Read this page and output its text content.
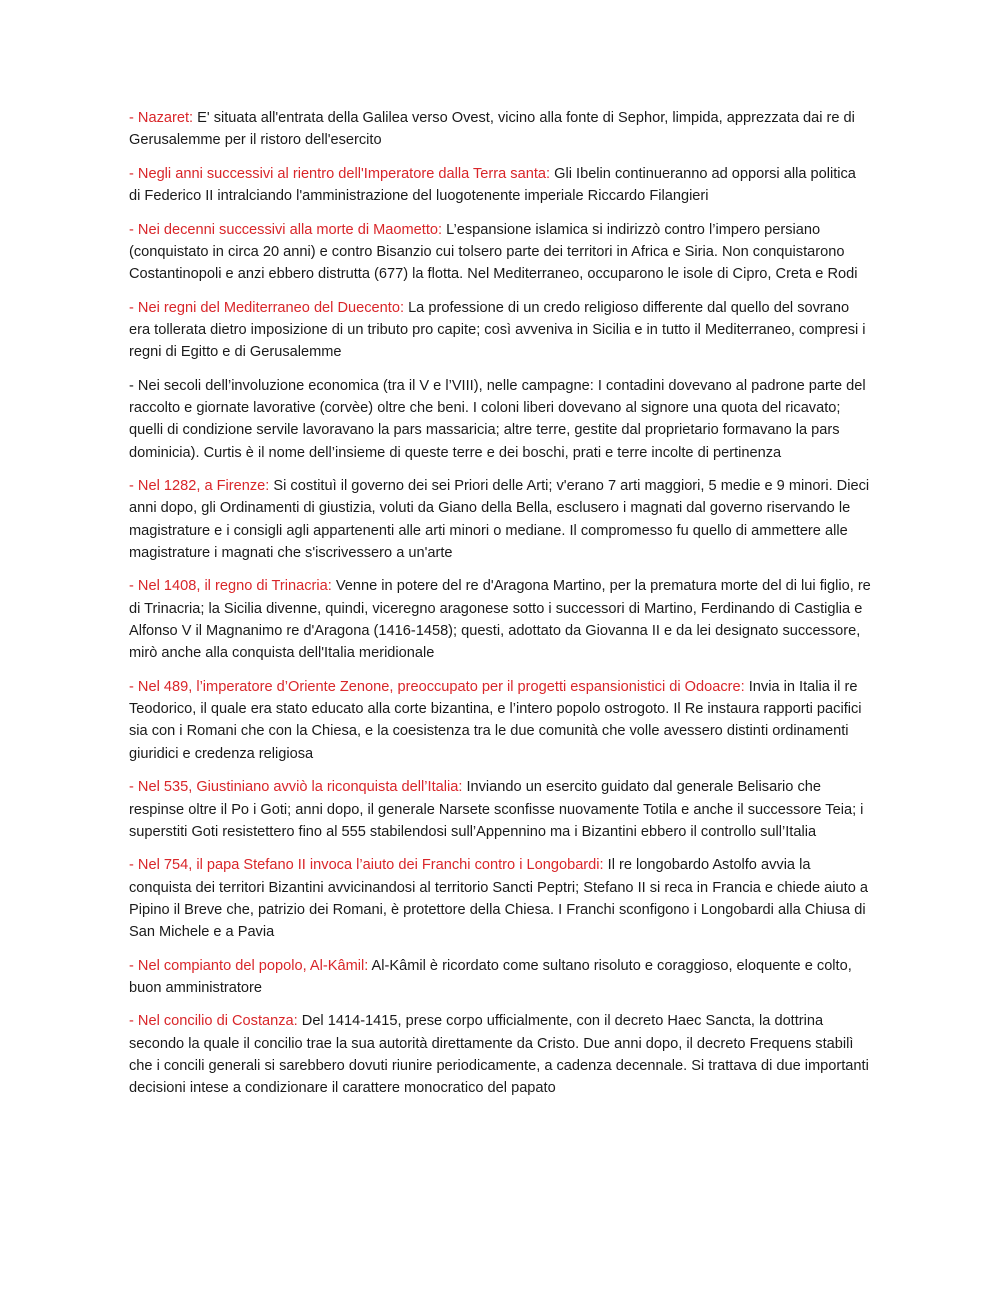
- Nazaret: E' situata all'entrata della Galilea verso Ovest, vicino alla fonte di Sephor, limpida, apprezzata dai re di Gerusalemme per il ristoro dell'esercito

- Negli anni successivi al rientro dell'Imperatore dalla Terra santa: Gli Ibelin continueranno ad opporsi alla politica di Federico II intralciando l'amministrazione del luogotenente imperiale Riccardo Filangieri

- Nei decenni successivi alla morte di Maometto: L’espansione islamica si indirizzò contro l’impero persiano (conquistato in circa 20 anni) e contro Bisanzio cui tolsero parte dei territori in Africa e Siria. Non conquistarono Costantinopoli e anzi ebbero distrutta (677) la flotta. Nel Mediterraneo, occuparono le isole di Cipro, Creta e Rodi

- Nei regni del Mediterraneo del Duecento: La professione di un credo religioso differente dal quello del sovrano era tollerata dietro imposizione di un tributo pro capite; così avveniva in Sicilia e in tutto il Mediterraneo, compresi i regni di Egitto e di Gerusalemme

- Nei secoli dell’involuzione economica (tra il V e l’VIII), nelle campagne: I contadini dovevano al padrone parte del raccolto e giornate lavorative (corvèe) oltre che beni. I coloni liberi dovevano al signore una quota del ricavato; quelli di condizione servile lavoravano la pars massaricia; altre terre, gestite dal proprietario formavano la pars dominicia). Curtis è il nome dell’insieme di queste terre e dei boschi, prati e terre incolte di pertinenza

- Nel 1282, a Firenze: Si costituì il governo dei sei Priori delle Arti; v'erano 7 arti maggiori, 5 medie e 9 minori. Dieci anni dopo, gli Ordinamenti di giustizia, voluti da Giano della Bella, esclusero i magnati dal governo riservando le magistrature e i consigli agli appartenenti alle arti minori o mediane. Il compromesso fu quello di ammettere alle magistrature i magnati che s'iscrivessero a un'arte

- Nel 1408, il regno di Trinacria: Venne in potere del re d'Aragona Martino, per la prematura morte del di lui figlio, re di Trinacria; la Sicilia divenne, quindi, viceregno aragonese sotto i successori di Martino, Ferdinando di Castiglia e Alfonso V il Magnanimo re d'Aragona (1416-1458); questi, adottato da Giovanna II e da lei designato successore, mirò anche alla conquista dell'Italia meridionale

- Nel 489, l’imperatore d’Oriente Zenone, preoccupato per il progetti espansionistici di Odoacre: Invia in Italia il re Teodorico, il quale era stato educato alla corte bizantina, e l’intero popolo ostrogoto. Il Re instaura rapporti pacifici sia con i Romani che con la Chiesa, e la coesistenza tra le due comunità che volle avessero distinti ordinamenti giuridici e credenza religiosa

- Nel 535, Giustiniano avviò la riconquista dell’Italia: Inviando un esercito guidato dal generale Belisario che respinse oltre il Po i Goti; anni dopo, il generale Narsete sconfisse nuovamente Totila e anche il successore Teia; i superstiti Goti resistettero fino al 555 stabilendosi sull’Appennino ma i Bizantini ebbero il controllo sull’Italia

- Nel 754, il papa Stefano II invoca l’aiuto dei Franchi contro i Longobardi: Il re longobardo Astolfo avvia la conquista dei territori Bizantini avvicinandosi al territorio Sancti Peptri; Stefano II si reca in Francia e chiede aiuto a Pipino il Breve che, patrizio dei Romani, è protettore della Chiesa. I Franchi sconfigono i Longobardi alla Chiusa di San Michele e a Pavia

- Nel compianto del popolo, Al-Kâmil: Al-Kâmil è ricordato come sultano risoluto e coraggioso, eloquente e colto, buon amministratore

- Nel concilio di Costanza: Del 1414-1415, prese corpo ufficialmente, con il decreto Haec Sancta, la dottrina secondo la quale il concilio trae la sua autorità direttamente da Cristo. Due anni dopo, il decreto Frequens stabilì che i concili generali si sarebbero dovuti riunire periodicamente, a cadenza decennale. Si trattava di due importanti decisioni intese a condizionare il carattere monocratico del papato
